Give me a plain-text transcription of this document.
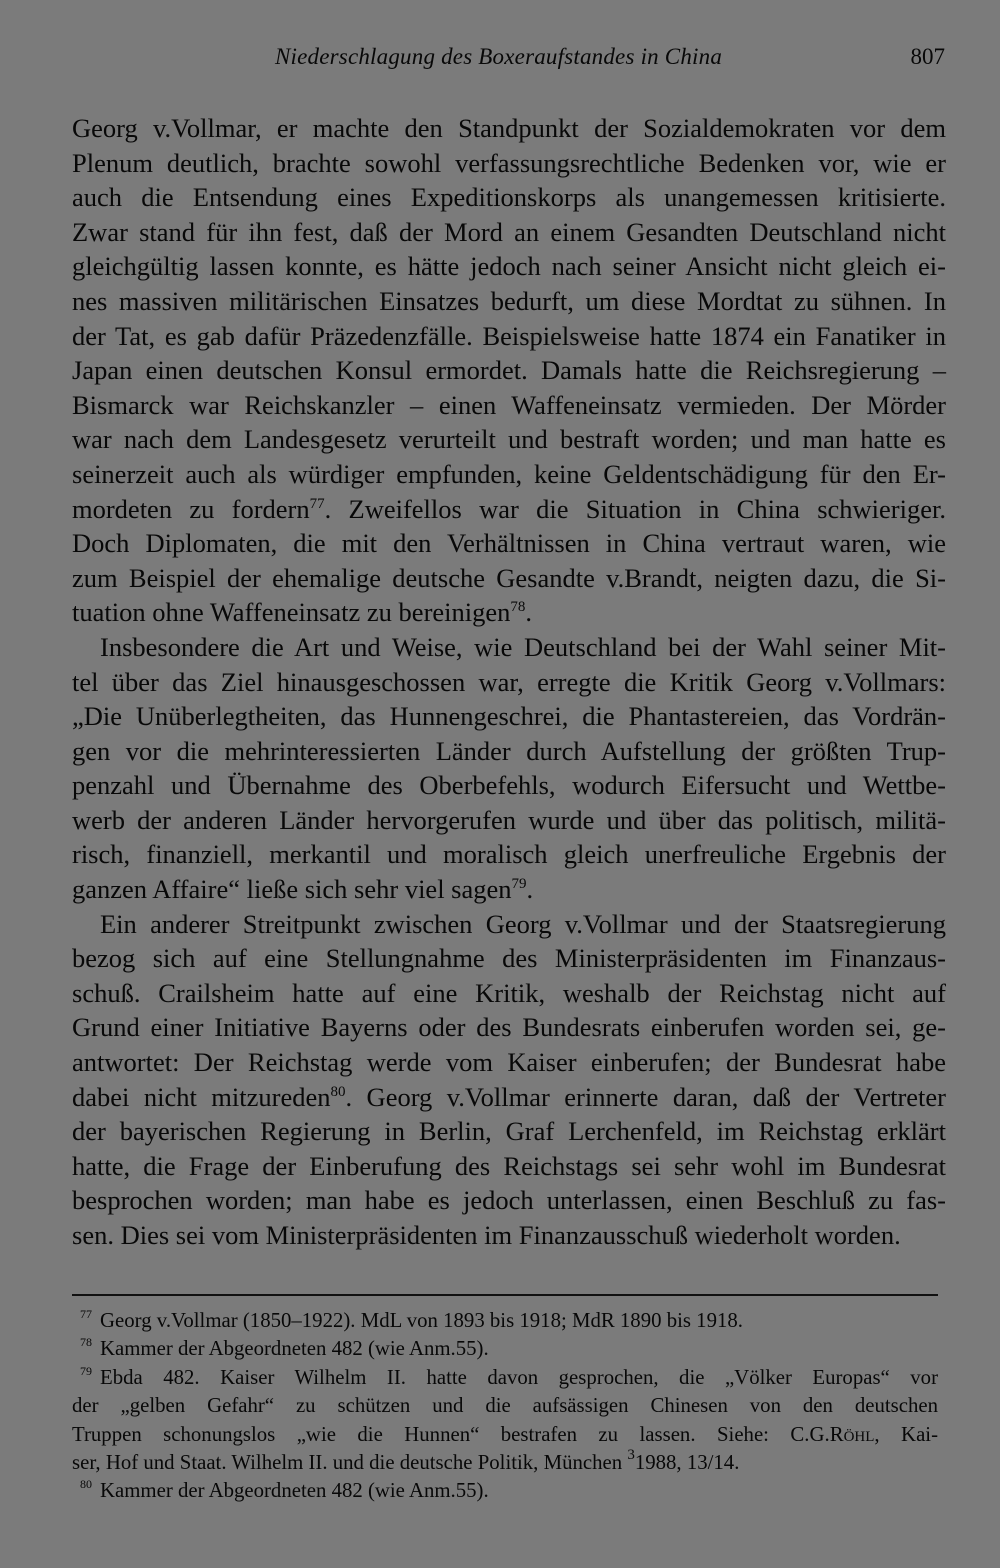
Niederschlagung des Boxeraufstandes in China	807
Georg v.Vollmar, er machte den Standpunkt der Sozialdemokraten vor dem
Plenum deutlich, brachte sowohl verfassungsrechtliche Bedenken vor, wie er
auch die Entsendung eines Expeditionskorps als unangemessen kritisierte.
Zwar stand für ihn fest, daß der Mord an einem Gesandten Deutschland nicht
gleichgültig lassen konnte, es hätte jedoch nach seiner Ansicht nicht gleich ei-
nes massiven militärischen Einsatzes bedurft, um diese Mordtat zu sühnen. In
der Tat, es gab dafür Präzedenzfälle. Beispielsweise hatte 1874 ein Fanatiker in
Japan einen deutschen Konsul ermordet. Damals hatte die Reichsregierung –
Bismarck war Reichskanzler – einen Waffeneinsatz vermieden. Der Mörder
war nach dem Landesgesetz verurteilt und bestraft worden; und man hatte es
seinerzeit auch als würdiger empfunden, keine Geldentschädigung für den Er-
mordeten zu fordern$^{77}$. Zweifellos war die Situation in China schwieriger.
Doch Diplomaten, die mit den Verhältnissen in China vertraut waren, wie
zum Beispiel der ehemalige deutsche Gesandte v.Brandt, neigten dazu, die Si-
tuation ohne Waffeneinsatz zu bereinigen$^{78}$.
Insbesondere die Art und Weise, wie Deutschland bei der Wahl seiner Mit-
tel über das Ziel hinausgeschossen war, erregte die Kritik Georg v.Vollmars:
„Die Unüberlegtheiten, das Hunnengeschrei, die Phantastereien, das Vordrän-
gen vor die mehrinteressierten Länder durch Aufstellung der größten Trup-
penzahl und Übernahme des Oberbefehls, wodurch Eifersucht und Wettbe-
werb der anderen Länder hervorgerufen wurde und über das politisch, militä-
risch, finanziell, merkantil und moralisch gleich unerfreuliche Ergebnis der
ganzen Affaire“ ließe sich sehr viel sagen$^{79}$.
Ein anderer Streitpunkt zwischen Georg v.Vollmar und der Staatsregierung
bezog sich auf eine Stellungnahme des Ministerpräsidenten im Finanzaus-
schuß. Crailsheim hatte auf eine Kritik, weshalb der Reichstag nicht auf
Grund einer Initiative Bayerns oder des Bundesrats einberufen worden sei, ge-
antwortet: Der Reichstag werde vom Kaiser einberufen; der Bundesrat habe
dabei nicht mitzureden$^{80}$. Georg v.Vollmar erinnerte daran, daß der Vertreter
der bayerischen Regierung in Berlin, Graf Lerchenfeld, im Reichstag erklärt
hatte, die Frage der Einberufung des Reichstags sei sehr wohl im Bundesrat
besprochen worden; man habe es jedoch unterlassen, einen Beschluß zu fas-
sen. Dies sei vom Ministerpräsidenten im Finanzausschuß wiederholt worden.
$^{77}$ Georg v.Vollmar (1850–1922). MdL von 1893 bis 1918; MdR 1890 bis 1918.
$^{78}$ Kammer der Abgeordneten 482 (wie Anm.55).
$^{79}$ Ebda 482. Kaiser Wilhelm II. hatte davon gesprochen, die „Völker Europas“ vor
der „gelben Gefahr“ zu schützen und die aufsässigen Chinesen von den deutschen
Truppen schonungslos „wie die Hunnen“ bestrafen zu lassen. Siehe: C.G.Röhl, Kai-
ser, Hof und Staat. Wilhelm II. und die deutsche Politik, München $^3$1988, 13/14.
$^{80}$ Kammer der Abgeordneten 482 (wie Anm.55).
